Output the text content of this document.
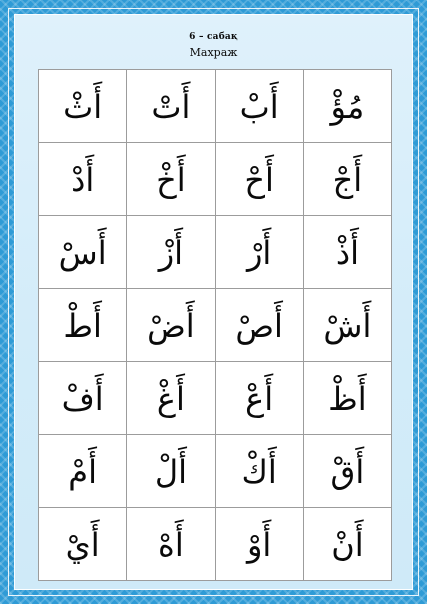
6 – сабақ
Махраж
أَثْ أَتْ أَبْ مُؤْ
أَدْ أَخْ أَحْ أَجْ
أَسْ أَزْ أَرْ أَذْ
أَطْ أَضْ أَصْ أَشْ
أَفْ أَغْ أَعْ أَظْ
أَمْ أَلْ أَكْ أَقْ
أَيْ أَهْ أَوْ أَنْ
